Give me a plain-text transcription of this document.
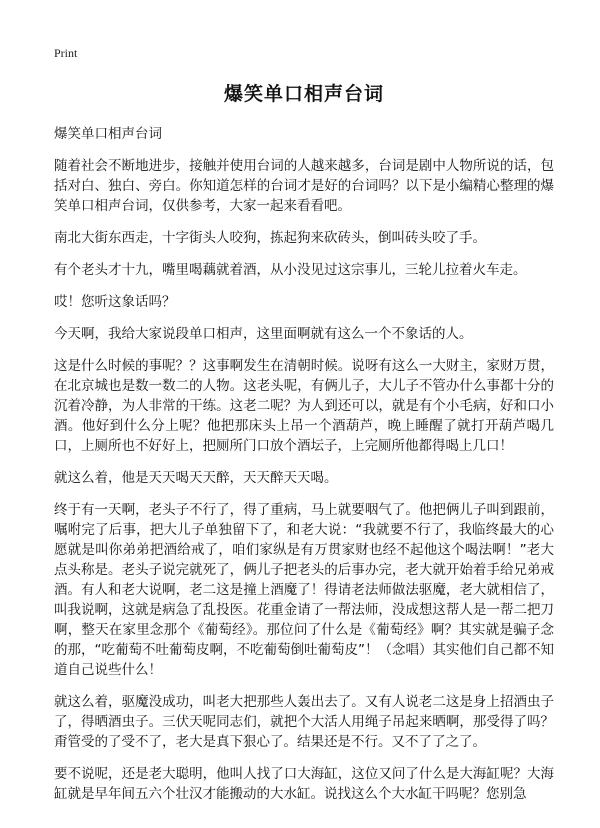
Print
爆笑单口相声台词
爆笑单口相声台词
随着社会不断地进步，接触并使用台词的人越来越多，台词是剧中人物所说的话，包括对白、独白、旁白。你知道怎样的台词才是好的台词吗？以下是小编精心整理的爆笑单口相声台词，仅供参考，大家一起来看看吧。
南北大街东西走，十字街头人咬狗，拣起狗来砍砖头，倒叫砖头咬了手。
有个老头才十九，嘴里喝藕就着酒，从小没见过这宗事儿，三轮儿拉着火车走。
哎！您听这象话吗？
今天啊，我给大家说段单口相声，这里面啊就有这么一个不象话的人。
这是什么时候的事呢？？这事啊发生在清朝时候。说呀有这么一大财主，家财万贯，在北京城也是数一数二的人物。这老头呢，有俩儿子，大儿子不管办什么事都十分的沉着冷静，为人非常的干练。这老二呢？为人到还可以，就是有个小毛病，好和口小酒。他好到什么分上呢？他把那床头上吊一个酒葫芦，晚上睡醒了就打开葫芦喝几口，上厕所也不好好上，把厕所门口放个酒坛子，上完厕所他都得喝上几口！
就这么着，他是天天喝天天醉，天天醉天天喝。
终于有一天啊，老头子不行了，得了重病，马上就要咽气了。他把俩儿子叫到跟前，嘱咐完了后事，把大儿子单独留下了，和老大说：“我就要不行了，我临终最大的心愿就是叫你弟弟把酒给戒了，咱们家纵是有万贯家财也经不起他这个喝法啊！”老大点头称是。老头子说完就死了，俩儿子把老头的后事办完，老大就开始着手给兄弟戒酒。有人和老大说啊，老二这是撞上酒魔了！得请老法师做法驱魔，老大就相信了，叫我说啊，这就是病急了乱投医。花重金请了一帮法师，没成想这帮人是一帮二把刀啊，整天在家里念那个《葡萄经》。那位问了什么是《葡萄经》啊？其实就是骗子念的那，“吃葡萄不吐葡萄皮啊，不吃葡萄倒吐葡萄皮”！（念唱）其实他们自己都不知道自己说些什么！
就这么着，驱魔没成功，叫老大把那些人轰出去了。又有人说老二这是身上招酒虫子了，得晒酒虫子。三伏天呢同志们，就把个大活人用绳子吊起来晒啊，那受得了吗？甭管受的了受不了，老大是真下狠心了。结果还是不行。又不了了之了。
要不说呢，还是老大聪明，他叫人找了口大海缸，这位又问了什么是大海缸呢？大海缸就是早年间五六个壮汉才能搬动的大水缸。说找这么个大水缸干吗呢？您别急
